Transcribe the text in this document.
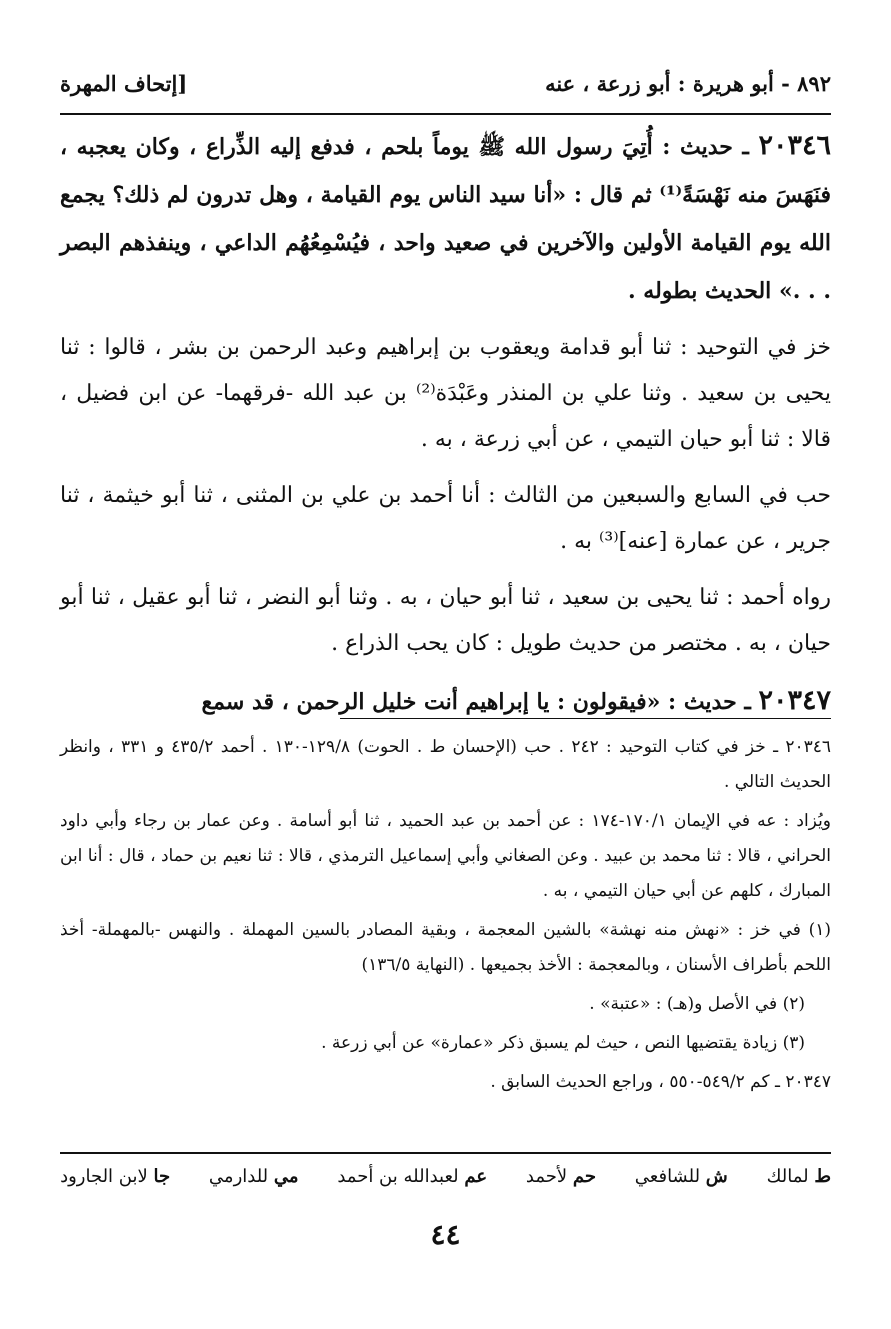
٨٩٢ - أبو هريرة : أبو زرعة ، عنه
[إتحاف المهرة

٢٠٣٤٦ ـ حديث : أُتِيَ رسول الله ﷺ يوماً بلحم ، فدفع إليه الذِّراع ، وكان يعجبه ، فنَهَسَ منه نَهْسَةً⁽¹⁾ ثم قال : «أنا سيد الناس يوم القيامة ، وهل تدرون لم ذلك؟ يجمع الله يوم القيامة الأولين والآخرين في صعيد واحد ، فيُسْمِعُهُم الداعي ، وينفذهم البصر . . .» الحديث بطوله .

خز في التوحيد : ثنا أبو قدامة ويعقوب بن إبراهيم وعبد الرحمن بن بشر ، قالوا : ثنا يحيى بن سعيد . وثنا علي بن المنذر وعَبْدَة⁽²⁾ بن عبد الله -فرقهما- عن ابن فضيل ، قالا : ثنا أبو حيان التيمي ، عن أبي زرعة ، به .

حب في السابع والسبعين من الثالث : أنا أحمد بن علي بن المثنى ، ثنا أبو خيثمة ، ثنا جرير ، عن عمارة [عنه]⁽³⁾ به .

رواه أحمد : ثنا يحيى بن سعيد ، ثنا أبو حيان ، به . وثنا أبو النضر ، ثنا أبو عقيل ، ثنا أبو حيان ، به . مختصر من حديث طويل : كان يحب الذراع .

٢٠٣٤٧ ـ حديث : «فيقولون : يا إبراهيم أنت خليل الرحمن ، قد سمع

٢٠٣٤٦ ـ خز في كتاب التوحيد : ٢٤٢ . حب (الإحسان ط . الحوت) ١٢٩/٨-١٣٠ . أحمد ٤٣٥/٢ و ٣٣١ ، وانظر الحديث التالي .

ويُزاد : عه في الإيمان ١٧٠/١-١٧٤ : عن أحمد بن عبد الحميد ، ثنا أبو أسامة . وعن عمار بن رجاء وأبي داود الحراني ، قالا : ثنا محمد بن عبيد . وعن الصغاني وأبي إسماعيل الترمذي ، قالا : ثنا نعيم بن حماد ، قال : أنا ابن المبارك ، كلهم عن أبي حيان التيمي ، به .

(١) في خز : «نهش منه نهشة» بالشين المعجمة ، وبقية المصادر بالسين المهملة . والنهس -بالمهملة- أخذ اللحم بأطراف الأسنان ، وبالمعجمة : الأخذ بجميعها . (النهاية ١٣٦/٥)

(٢) في الأصل و(هـ) : «عتبة» .

(٣) زيادة يقتضيها النص ، حيث لم يسبق ذكر «عمارة» عن أبي زرعة .

٢٠٣٤٧ ـ كم ٥٤٩/٢-٥٥٠ ، وراجع الحديث السابق .

ط لمالك
ش للشافعي
حم لأحمد
عم لعبدالله بن أحمد
مي للدارمي
جا لابن الجارود
٤٤
